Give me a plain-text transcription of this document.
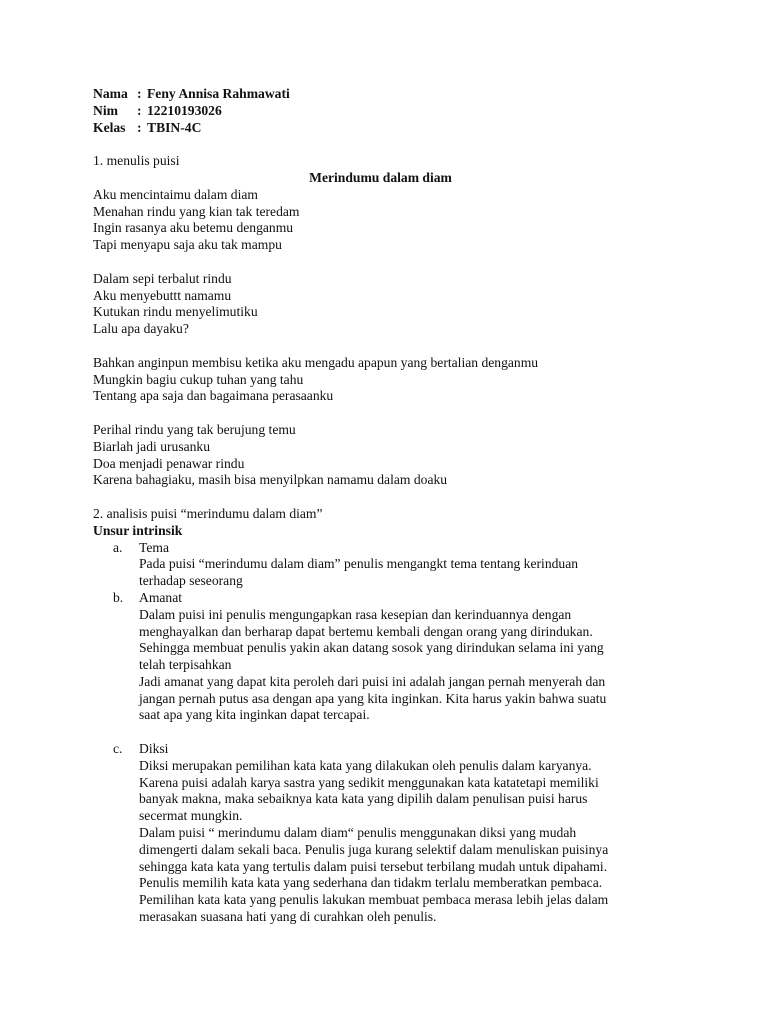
Nama : Feny Annisa Rahmawati
Nim	: 12210193026
Kelas : TBIN-4C
1. menulis puisi
Merindumu dalam diam
Aku mencintaimu dalam diam
Menahan rindu yang kian tak teredam
Ingin rasanya aku betemu denganmu
Tapi menyapu saja aku tak mampu
Dalam sepi terbalut rindu
Aku menyebuttt namamu
Kutukan rindu menyelimutiku
Lalu apa dayaku?
Bahkan anginpun membisu ketika aku mengadu apapun yang bertalian denganmu
Mungkin bagiu cukup tuhan yang tahu
Tentang apa saja dan bagaimana perasaanku
Perihal rindu yang tak berujung temu
Biarlah jadi urusanku
Doa menjadi penawar rindu
Karena bahagiaku, masih bisa menyilpkan namamu dalam doaku
2. analisis puisi “merindumu dalam diam”
Unsur intrinsik
a.	Tema
Pada puisi “merindumu dalam diam” penulis mengangkt tema tentang kerinduan
terhadap seseorang
b.	Amanat
Dalam puisi ini penulis mengungapkan rasa kesepian dan kerinduannya dengan
menghayalkan dan berharap dapat bertemu kembali dengan orang yang dirindukan.
Sehingga membuat penulis yakin akan datang sosok yang dirindukan selama ini yang
telah terpisahkan
Jadi amanat yang dapat kita peroleh dari puisi ini adalah jangan pernah menyerah dan
jangan pernah putus asa dengan apa yang kita inginkan. Kita harus yakin bahwa suatu
saat apa yang kita inginkan dapat tercapai.
c.	Diksi
Diksi merupakan pemilihan kata kata yang dilakukan oleh penulis dalam karyanya.
Karena puisi adalah karya sastra yang sedikit menggunakan kata katatetapi memiliki
banyak makna, maka sebaiknya kata kata yang dipilih dalam penulisan puisi harus
secermat mungkin.
Dalam puisi “ merindumu dalam diam“ penulis menggunakan diksi yang mudah
dimengerti dalam sekali baca. Penulis juga kurang selektif dalam menuliskan puisinya
sehingga kata kata yang tertulis dalam puisi tersebut terbilang mudah untuk dipahami.
Penulis memilih kata kata yang sederhana dan tidakm terlalu memberatkan pembaca.
Pemilihan kata kata yang penulis lakukan membuat pembaca merasa lebih jelas dalam
merasakan suasana hati yang di curahkan oleh penulis.
